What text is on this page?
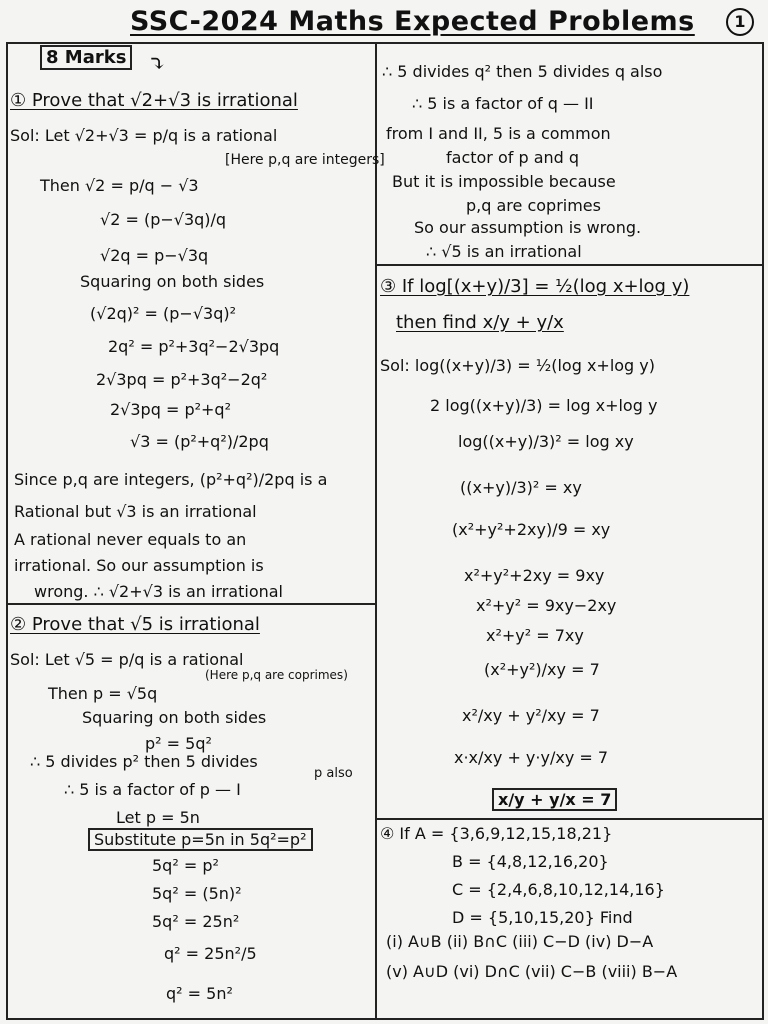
SSC-2024 Maths Expected Problems	1
8 Marks ⤵
① Prove that √2+√3 is irrational
Sol: Let √2+√3 = p/q is a rational
[Here p,q are integers]
Then √2 = p/q − √3
√2 = (p−√3q)/q
√2q = p−√3q
Squaring on both sides
(√2q)² = (p−√3q)²
2q² = p²+3q²−2√3pq
2√3pq = p²+3q²−2q²
2√3pq = p²+q²
√3 = (p²+q²)/2pq
Since p,q are integers, (p²+q²)/2pq is a
Rational but √3 is an irrational
A rational never equals to an
irrational. So our assumption is
wrong. ∴ √2+√3 is an irrational
② Prove that √5 is irrational
Sol: Let √5 = p/q is a rational
(Here p,q are coprimes)
Then p = √5q
Squaring on both sides
p² = 5q²
∴ 5 divides p² then 5 divides
p also
∴ 5 is a factor of p — I
Let p = 5n
Substitute p=5n in 5q²=p²
5q² = p²
5q² = (5n)²
5q² = 25n²
q² = 25n²/5
q² = 5n²
∴ 5 divides q² then 5 divides q also
∴ 5 is a factor of q — II
from I and II, 5 is a common
factor of p and q
But it is impossible because
p,q are coprimes
So our assumption is wrong.
∴ √5 is an irrational
③ If log[(x+y)/3] = ½(log x+log y)
then find x/y + y/x
Sol: log((x+y)/3) = ½(log x+log y)
2 log((x+y)/3) = log x+log y
log((x+y)/3)² = log xy
((x+y)/3)² = xy
(x²+y²+2xy)/9 = xy
x²+y²+2xy = 9xy
x²+y² = 9xy−2xy
x²+y² = 7xy
(x²+y²)/xy = 7
x²/xy + y²/xy = 7
x·x/xy + y·y/xy = 7
x/y + y/x = 7
④ If A = {3,6,9,12,15,18,21}
B = {4,8,12,16,20}
C = {2,4,6,8,10,12,14,16}
D = {5,10,15,20} Find
(i) A∪B (ii) B∩C (iii) C−D (iv) D−A
(v) A∪D (vi) D∩C (vii) C−B (viii) B−A
